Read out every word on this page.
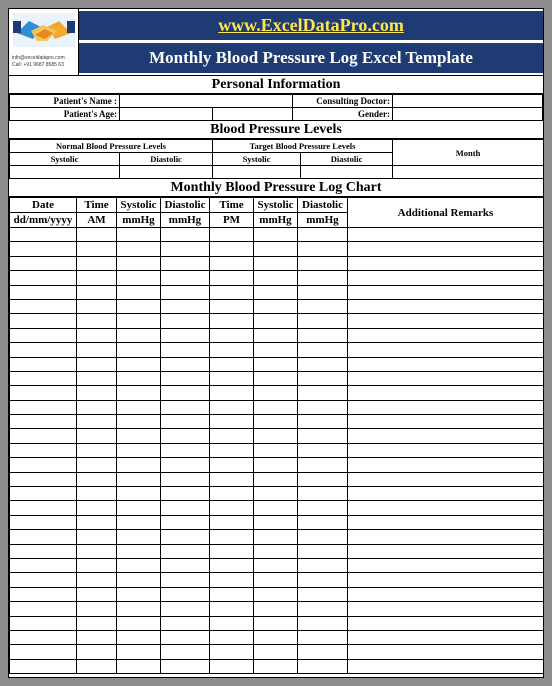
info@exceldatapro.com
Call: +91 9687 8585 63
www.ExcelDataPro.com
Monthly Blood Pressure Log Excel Template
Personal Information
Patient's Name :			Consulting Doctor:	
Patient's Age:			Gender:	
Blood Pressure Levels
Normal Blood Pressure Levels		Target Blood Pressure Levels		Month
Systolic	Diastolic	Systolic	Diastolic	

Monthly Blood Pressure Log Chart
Date	Time	Systolic	Diastolic	Time	Systolic	Diastolic	Additional Remarks
dd/mm/yyyy	AM	mmHg	mmHg	PM	mmHg	mmHg	
